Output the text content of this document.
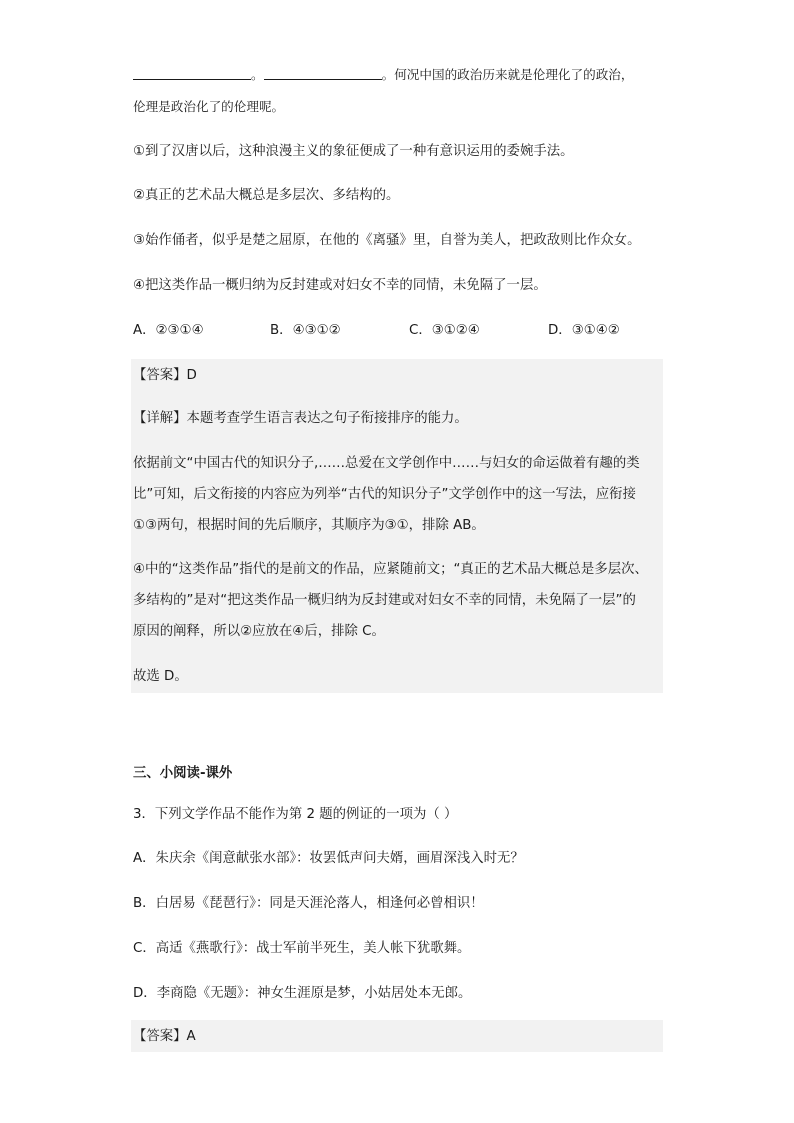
。	。何况中国的政治历来就是伦理化了的政治，
伦理是政治化了的伦理呢。
①到了汉唐以后，这种浪漫主义的象征便成了一种有意识运用的委婉手法。
②真正的艺术品大概总是多层次、多结构的。
③始作俑者，似乎是楚之屈原，在他的《离骚》里，自誉为美人，把政敌则比作众女。
④把这类作品一概归纳为反封建或对妇女不幸的同情，未免隔了一层。
A．②③①④	B．④③①②	C．③①②④	D．③①④②
【答案】D
【详解】本题考查学生语言表达之句子衔接排序的能力。
依据前文“中国古代的知识分子,……总爱在文学创作中……与妇女的命运做着有趣的类
比”可知，后文衔接的内容应为列举“古代的知识分子”文学创作中的这一写法，应衔接
①③两句，根据时间的先后顺序，其顺序为③①，排除 AB。
④中的“这类作品”指代的是前文的作品，应紧随前文；“真正的艺术品大概总是多层次、
多结构的”是对“把这类作品一概归纳为反封建或对妇女不幸的同情，未免隔了一层”的
原因的阐释，所以②应放在④后，排除 C。
故选 D。
三、小阅读-课外
3．下列文学作品不能作为第 2 题的例证的一项为（ ）
A．朱庆余《闺意献张水部》：妆罢低声问夫婿，画眉深浅入时无？
B．白居易《琵琶行》：同是天涯沦落人，相逢何必曾相识！
C．高适《燕歌行》：战士军前半死生，美人帐下犹歌舞。
D．李商隐《无题》：神女生涯原是梦，小姑居处本无郎。
【答案】A
